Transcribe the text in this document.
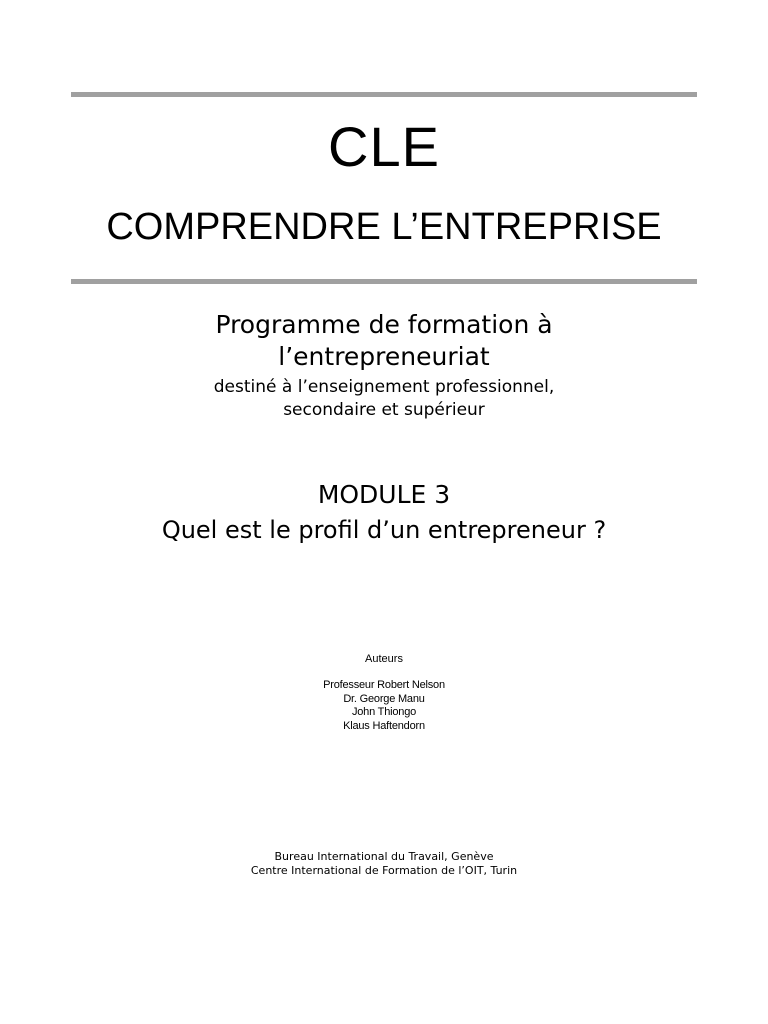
CLE
COMPRENDRE L’ENTREPRISE
Programme de formation à
l’entrepreneuriat
destiné à l’enseignement professionnel,
secondaire et supérieur
MODULE 3
Quel est le profil d’un entrepreneur ?
Auteurs
Professeur Robert Nelson
Dr. George Manu
John Thiongo
Klaus Haftendorn
Bureau International du Travail, Genève
Centre International de Formation de l’OIT, Turin
